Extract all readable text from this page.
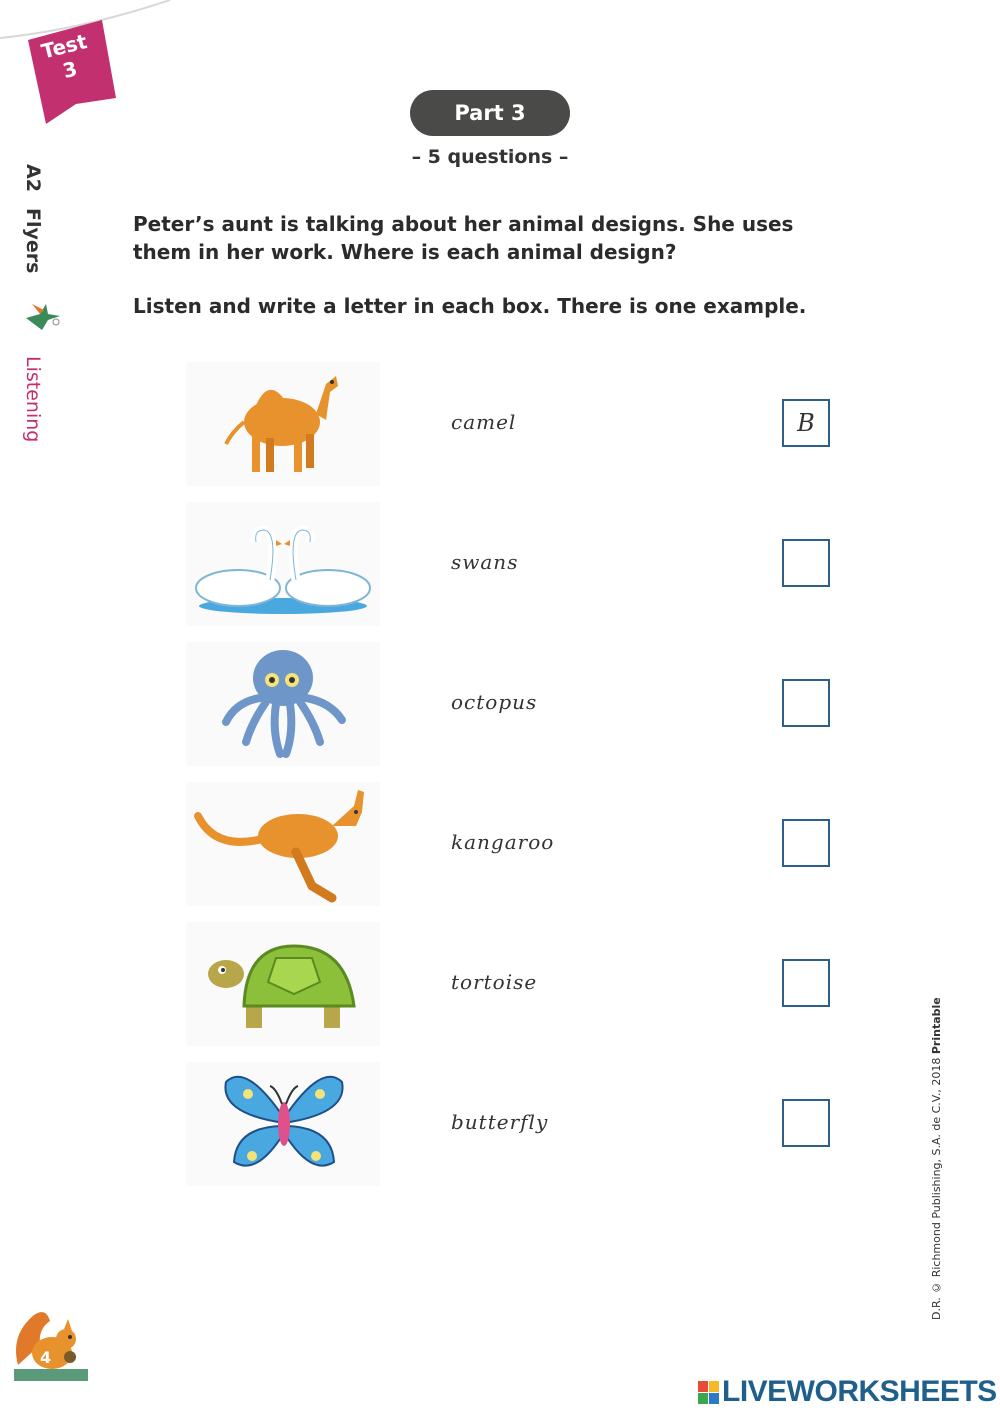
Test
3
A2
Flyers
Listening
Part 3
– 5 questions –
Peter’s aunt is talking about her animal designs. She uses them in her work. Where is each animal design?
Listen and write a letter in each box. There is one example.
camel	B
swans
octopus
kangaroo
tortoise
butterfly	D.R. © Richmond Publishing, S.A. de C.V., 2018 Printable
4
LIVEWORKSHEETS
